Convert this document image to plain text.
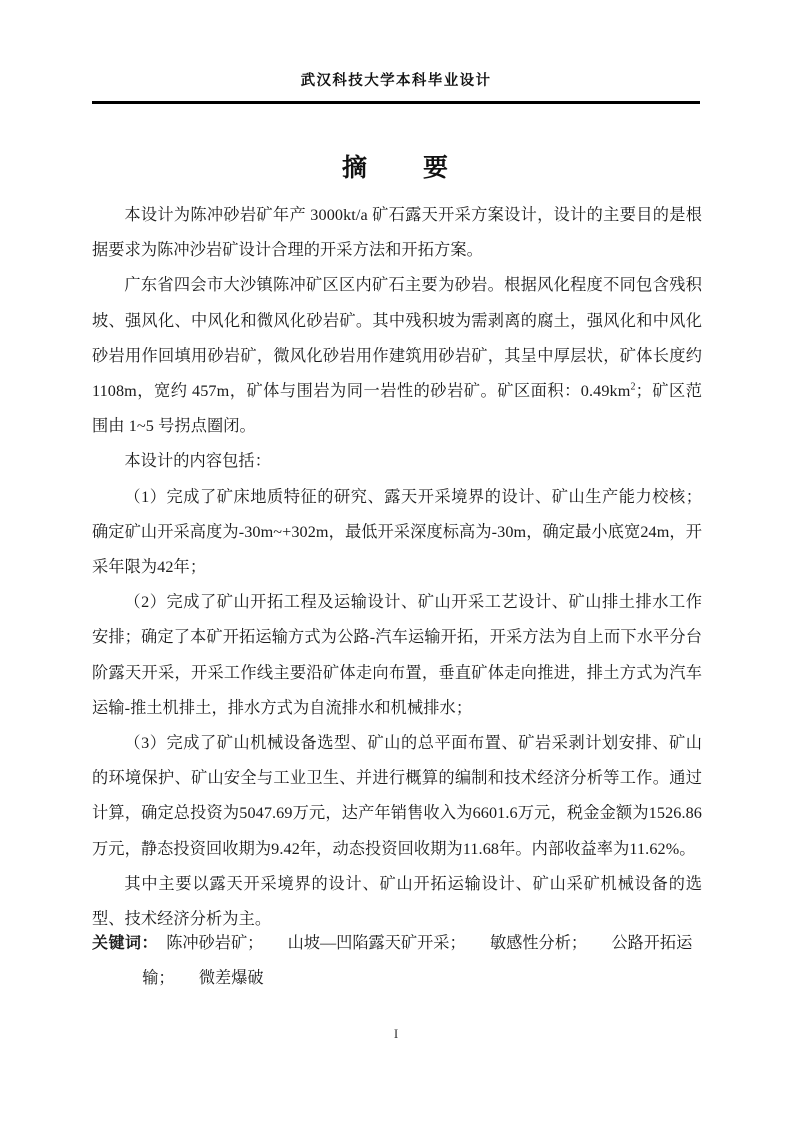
武汉科技大学本科毕业设计
摘　　要

本设计为陈冲砂岩矿年产 3000kt/a 矿石露天开采方案设计，设计的主要目的是根据要求为陈冲沙岩矿设计合理的开采方法和开拓方案。

广东省四会市大沙镇陈冲矿区区内矿石主要为砂岩。根据风化程度不同包含残积坡、强风化、中风化和微风化砂岩矿。其中残积坡为需剥离的腐土，强风化和中风化砂岩用作回填用砂岩矿，微风化砂岩用作建筑用砂岩矿，其呈中厚层状，矿体长度约 1108m，宽约 457m，矿体与围岩为同一岩性的砂岩矿。矿区面积：$0.49km^2$；矿区范围由 1~5 号拐点圈闭。

本设计的内容包括：

（1）完成了矿床地质特征的研究、露天开采境界的设计、矿山生产能力校核；确定矿山开采高度为-30m~+302m，最低开采深度标高为-30m，确定最小底宽24m，开采年限为42年；

（2）完成了矿山开拓工程及运输设计、矿山开采工艺设计、矿山排土排水工作安排；确定了本矿开拓运输方式为公路-汽车运输开拓，开采方法为自上而下水平分台阶露天开采，开采工作线主要沿矿体走向布置，垂直矿体走向推进，排土方式为汽车运输-推土机排土，排水方式为自流排水和机械排水；

（3）完成了矿山机械设备选型、矿山的总平面布置、矿岩采剥计划安排、矿山的环境保护、矿山安全与工业卫生、并进行概算的编制和技术经济分析等工作。通过计算，确定总投资为5047.69万元，达产年销售收入为6601.6万元，税金金额为1526.86万元，静态投资回收期为9.42年，动态投资回收期为11.68年。内部收益率为11.62%。

其中主要以露天开采境界的设计、矿山开拓运输设计、矿山采矿机械设备的选型、技术经济分析为主。

关键词：　陈冲砂岩矿；　　山坡—凹陷露天矿开采；　　敏感性分析；　　公路开拓运
输；　　微差爆破
I
